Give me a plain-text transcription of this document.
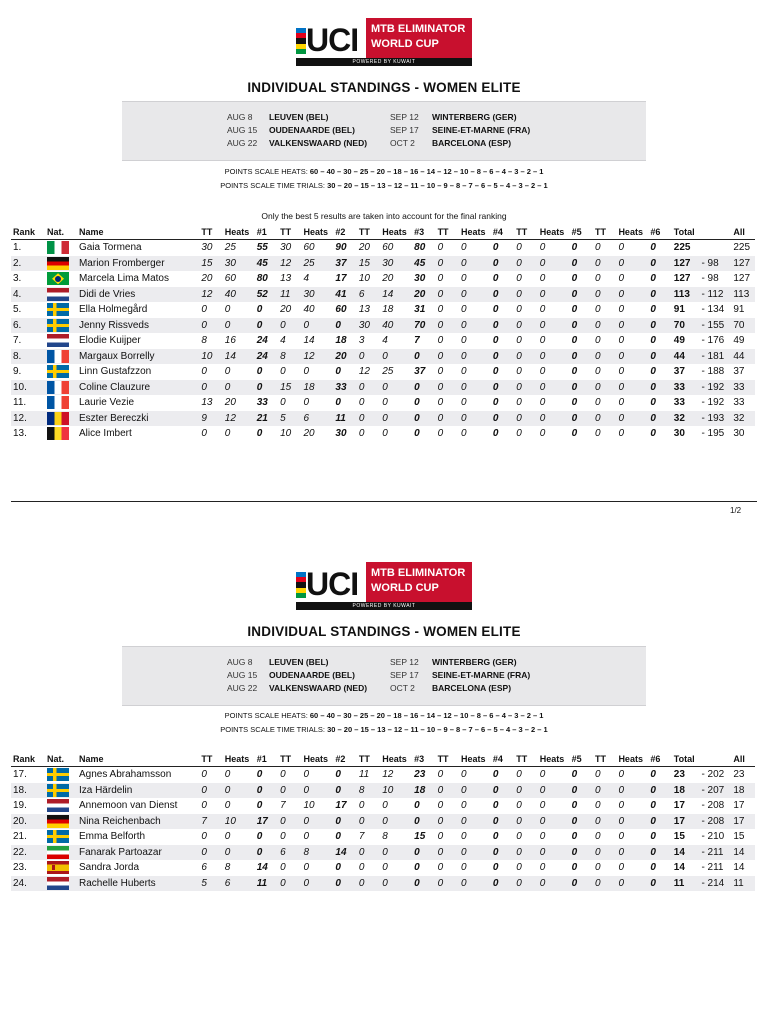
UCI MTB ELIMINATOR
WORLD CUP
POWERED BY KUWAIT
INDIVIDUAL STANDINGS - WOMEN ELITE
AUG 8 LEUVEN (BEL)
AUG 15 OUDENAARDE (BEL)
AUG 22 VALKENSWAARD (NED)
SEP 12 WINTERBERG (GER)
SEP 17 SEINE-ET-MARNE (FRA)
OCT 2 BARCELONA (ESP)
POINTS SCALE HEATS: 60 – 40 – 30 – 25 – 20 – 18 – 16 – 14 – 12 – 10 – 8 – 6 – 4 – 3 – 2 – 1
POINTS SCALE TIME TRIALS: 30 – 20 – 15 – 13 – 12 – 11 – 10 – 9 – 8 – 7 – 6 – 5 – 4 – 3 – 2 – 1
Only the best 5 results are taken into account for the final ranking
Rank	Nat.	Name	TT	Heats	#1	TT	Heats	#2	TT	Heats	#3	TT	Heats	#4	TT	Heats	#5	TT	Heats	#6	Total		All
1.		Gaia Tormena	30	25	55	30	60	90	20	60	80	0	0	0	0	0	0	0	0	0	225		225
2.		Marion Fromberger	15	30	45	12	25	37	15	30	45	0	0	0	0	0	0	0	0	0	127	- 98	127
3.		Marcela Lima Matos	20	60	80	13	4	17	10	20	30	0	0	0	0	0	0	0	0	0	127	- 98	127
4.		Didi de Vries	12	40	52	11	30	41	6	14	20	0	0	0	0	0	0	0	0	0	113	- 112	113
5.		Ella Holmegård	0	0	0	20	40	60	13	18	31	0	0	0	0	0	0	0	0	0	91	- 134	91
6.		Jenny Rissveds	0	0	0	0	0	0	30	40	70	0	0	0	0	0	0	0	0	0	70	- 155	70
7.		Elodie Kuijper	8	16	24	4	14	18	3	4	7	0	0	0	0	0	0	0	0	0	49	- 176	49
8.		Margaux Borrelly	10	14	24	8	12	20	0	0	0	0	0	0	0	0	0	0	0	0	44	- 181	44
9.		Linn Gustafzzon	0	0	0	0	0	0	12	25	37	0	0	0	0	0	0	0	0	0	37	- 188	37
10.		Coline Clauzure	0	0	0	15	18	33	0	0	0	0	0	0	0	0	0	0	0	0	33	- 192	33
11.		Laurie Vezie	13	20	33	0	0	0	0	0	0	0	0	0	0	0	0	0	0	0	33	- 192	33
12.		Eszter Bereczki	9	12	21	5	6	11	0	0	0	0	0	0	0	0	0	0	0	0	32	- 193	32
13.		Alice Imbert	0	0	0	10	20	30	0	0	0	0	0	0	0	0	0	0	0	0	30	- 195	30
1/2
UCI MTB ELIMINATOR
WORLD CUP
POWERED BY KUWAIT
INDIVIDUAL STANDINGS - WOMEN ELITE
AUG 8 LEUVEN (BEL)
AUG 15 OUDENAARDE (BEL)
AUG 22 VALKENSWAARD (NED)
SEP 12 WINTERBERG (GER)
SEP 17 SEINE-ET-MARNE (FRA)
OCT 2 BARCELONA (ESP)
POINTS SCALE HEATS: 60 – 40 – 30 – 25 – 20 – 18 – 16 – 14 – 12 – 10 – 8 – 6 – 4 – 3 – 2 – 1
POINTS SCALE TIME TRIALS: 30 – 20 – 15 – 13 – 12 – 11 – 10 – 9 – 8 – 7 – 6 – 5 – 4 – 3 – 2 – 1
Rank	Nat.	Name	TT	Heats	#1	TT	Heats	#2	TT	Heats	#3	TT	Heats	#4	TT	Heats	#5	TT	Heats	#6	Total		All
17.		Agnes Abrahamsson	0	0	0	0	0	0	11	12	23	0	0	0	0	0	0	0	0	0	23	- 202	23
18.		Iza Härdelin	0	0	0	0	0	0	8	10	18	0	0	0	0	0	0	0	0	0	18	- 207	18
19.		Annemoon van Dienst	0	0	0	7	10	17	0	0	0	0	0	0	0	0	0	0	0	0	17	- 208	17
20.		Nina Reichenbach	7	10	17	0	0	0	0	0	0	0	0	0	0	0	0	0	0	0	17	- 208	17
21.		Emma Belforth	0	0	0	0	0	0	7	8	15	0	0	0	0	0	0	0	0	0	15	- 210	15
22.		Fanarak Partoazar	0	0	0	6	8	14	0	0	0	0	0	0	0	0	0	0	0	0	14	- 211	14
23.		Sandra Jorda	6	8	14	0	0	0	0	0	0	0	0	0	0	0	0	0	0	0	14	- 211	14
24.		Rachelle Huberts	5	6	11	0	0	0	0	0	0	0	0	0	0	0	0	0	0	0	11	- 214	11
